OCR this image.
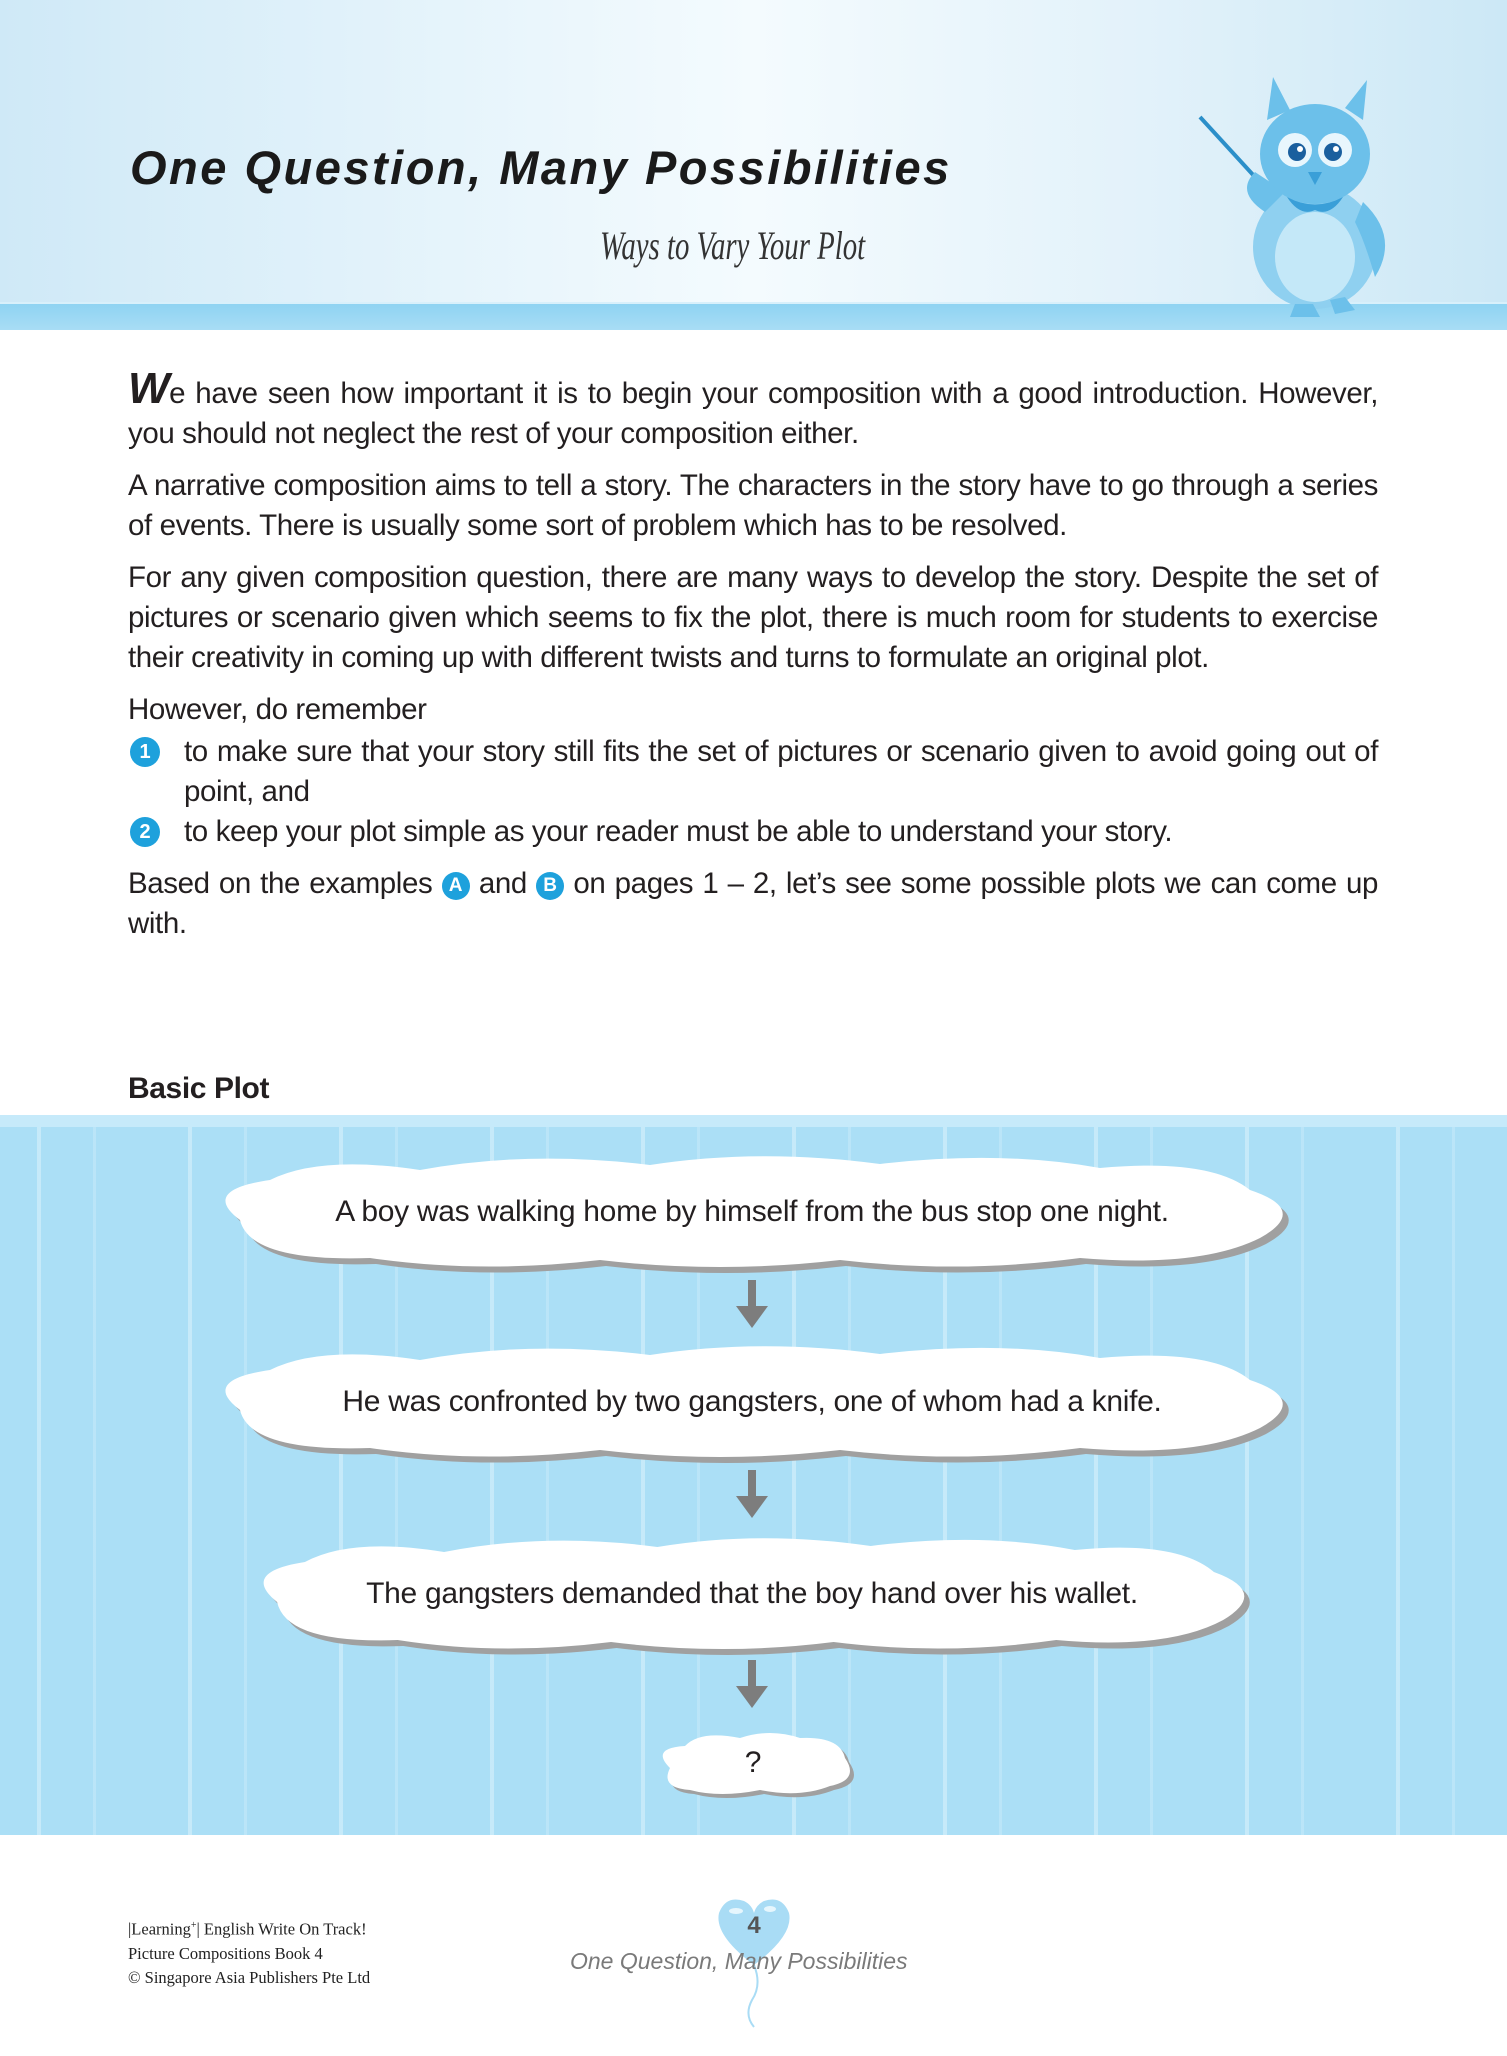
One Question, Many Possibilities
Ways to Vary Your Plot

We have seen how important it is to begin your composition with a good introduction. However, you should not neglect the rest of your composition either.

A narrative composition aims to tell a story. The characters in the story have to go through a series of events. There is usually some sort of problem which has to be resolved.

For any given composition question, there are many ways to develop the story. Despite the set of pictures or scenario given which seems to fix the plot, there is much room for students to exercise their creativity in coming up with different twists and turns to formulate an original plot.

However, do remember

1	to make sure that your story still fits the set of pictures or scenario given to avoid going out of point, and
2	to keep your plot simple as your reader must be able to understand your story.

Based on the examples A and B on pages 1 – 2, let’s see some possible plots we can come up with.

Basic Plot
A boy was walking home by himself from the bus stop one night.
He was confronted by two gangsters, one of whom had a knife.
The gangsters demanded that the boy hand over his wallet.
?
|Learning+| English Write On Track!
Picture Compositions Book 4
© Singapore Asia Publishers Pte Ltd
4
One Question, Many Possibilities
